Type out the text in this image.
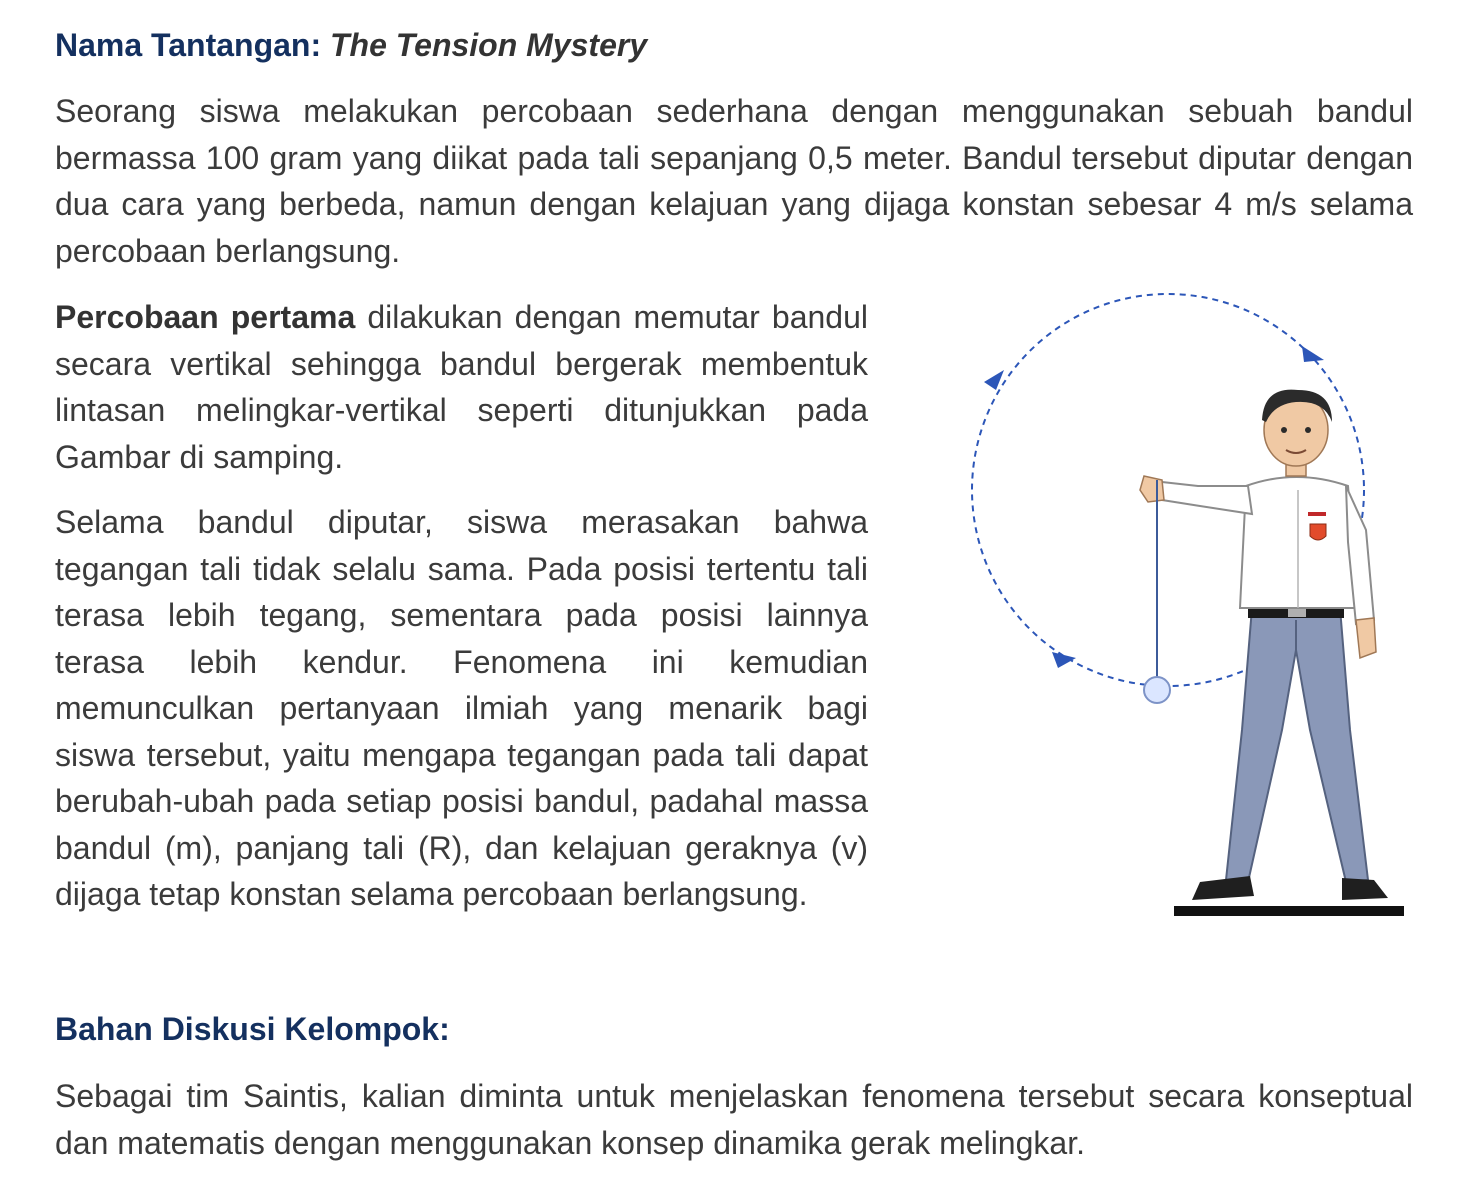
Nama Tantangan: The Tension Mystery

Seorang siswa melakukan percobaan sederhana dengan menggunakan sebuah bandul bermassa 100 gram yang diikat pada tali sepanjang 0,5 meter. Bandul tersebut diputar dengan dua cara yang berbeda, namun dengan kelajuan yang dijaga konstan sebesar 4 m/s selama percobaan berlangsung.

Percobaan pertama dilakukan dengan memutar bandul secara vertikal sehingga bandul bergerak membentuk lintasan melingkar-vertikal seperti ditunjukkan pada Gambar di samping.

Selama bandul diputar, siswa merasakan bahwa tegangan tali tidak selalu sama. Pada posisi tertentu tali terasa lebih tegang, sementara pada posisi lainnya terasa lebih kendur. Fenomena ini kemudian memunculkan pertanyaan ilmiah yang menarik bagi siswa tersebut, yaitu mengapa tegangan pada tali dapat berubah-ubah pada setiap posisi bandul, padahal massa bandul (m), panjang tali (R), dan kelajuan geraknya (v) dijaga tetap konstan selama percobaan berlangsung.

Bahan Diskusi Kelompok:

Sebagai tim Saintis, kalian diminta untuk menjelaskan fenomena tersebut secara konseptual dan matematis dengan menggunakan konsep dinamika gerak melingkar.
